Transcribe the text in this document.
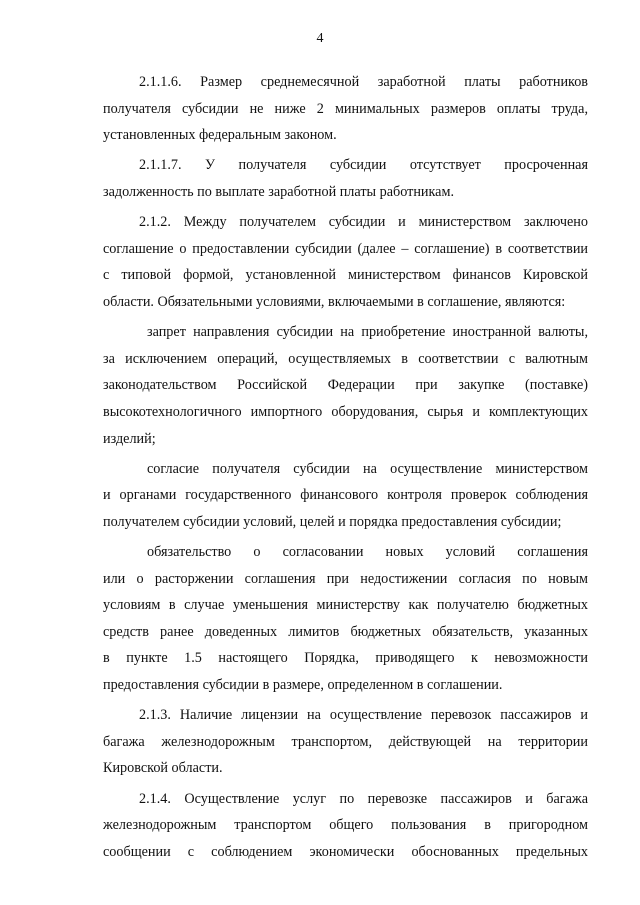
4
2.1.1.6. Размер среднемесячной заработной платы работников
получателя субсидии не ниже 2 минимальных размеров оплаты труда,
установленных федеральным законом.
2.1.1.7. У получателя субсидии отсутствует просроченная
задолженность по выплате заработной платы работникам.
2.1.2. Между получателем субсидии и министерством заключено
соглашение о предоставлении субсидии (далее – соглашение) в соответствии
с типовой формой, установленной министерством финансов Кировской
области. Обязательными условиями, включаемыми в соглашение, являются:
запрет направления субсидии на приобретение иностранной валюты,
за исключением операций, осуществляемых в соответствии с валютным
законодательством Российской Федерации при закупке (поставке)
высокотехнологичного импортного оборудования, сырья и комплектующих
изделий;
согласие получателя субсидии на осуществление министерством
и органами государственного финансового контроля проверок соблюдения
получателем субсидии условий, целей и порядка предоставления субсидии;
обязательство о согласовании новых условий соглашения
или о расторжении соглашения при недостижении согласия по новым
условиям в случае уменьшения министерству как получателю бюджетных
средств ранее доведенных лимитов бюджетных обязательств, указанных
в пункте 1.5 настоящего Порядка, приводящего к невозможности
предоставления субсидии в размере, определенном в соглашении.
2.1.3. Наличие лицензии на осуществление перевозок пассажиров и
багажа железнодорожным транспортом, действующей на территории
Кировской области.
2.1.4. Осуществление услуг по перевозке пассажиров и багажа
железнодорожным транспортом общего пользования в пригородном
сообщении с соблюдением экономически обоснованных предельных
